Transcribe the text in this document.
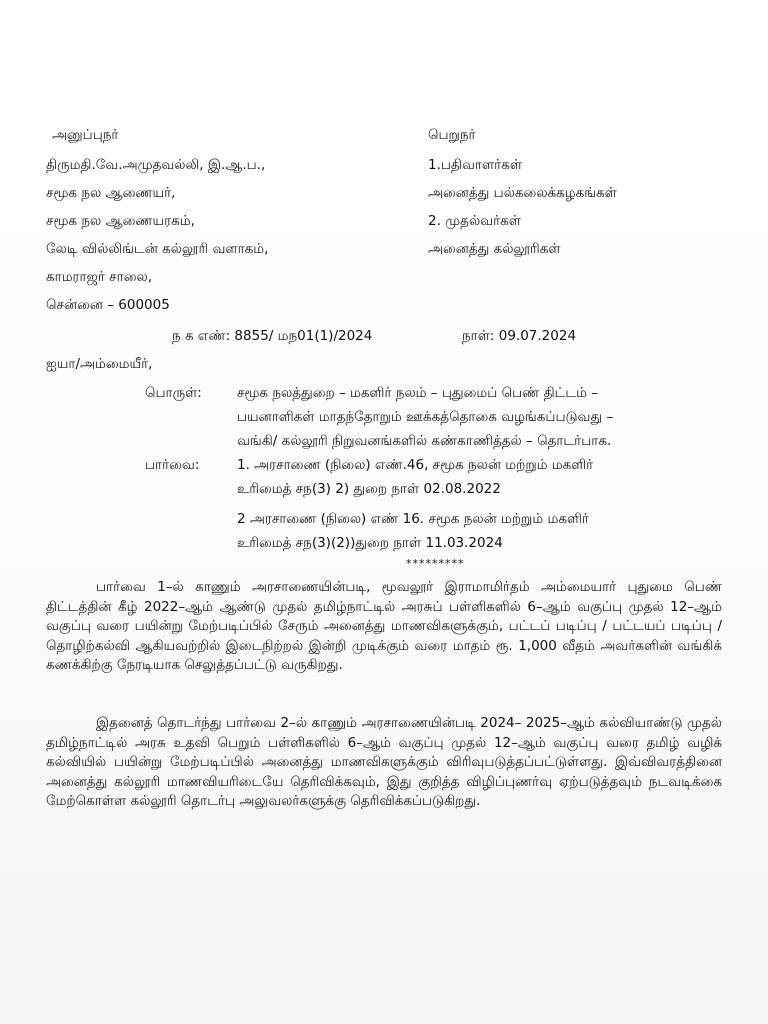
அனுப்புநர்
திருமதி.வே.அமுதவல்லி, இ.ஆ.ப.,
சமூக நல ஆணையர்,
சமூக நல ஆணையரகம்,
லேடி வில்லிங்டன் கல்லூரி வளாகம்,
காமராஜர் சாலை,
சென்னை – 600005
பெறுநர்
1.பதிவாளர்கள்
அனைத்து பல்கலைக்கழகங்கள்
2. முதல்வர்கள்
அனைத்து கல்லூரிகள்
ந க எண்: 8855/ மந01(1)/2024	நாள்: 09.07.2024
ஐயா/அம்மையீர்,
பொருள்:	சமூக நலத்துறை – மகளிர் நலம் – புதுமைப் பெண் திட்டம் –
பயனாளிகள் மாதந்தோறும் ஊக்கத்தொகை வழங்கப்படுவது –
வங்கி/ கல்லூரி நிறுவனங்களில் கண்காணித்தல் – தொடர்பாக.
பார்வை:	1. அரசாணை (நிலை) எண்.46, சமூக நலன் மற்றும் மகளிர்
உரிமைத் சந(3) 2) துறை நாள் 02.08.2022
2 அரசாணை (நிலை) எண் 16. சமூக நலன் மற்றும் மகளிர்
உரிமைத் சந(3)(2))துறை நாள் 11.03.2024
*********
பார்வை 1–ல் காணும் அரசாணையின்படி, மூவலூர் இராமாமிர்தம் அம்மையார் புதுமை பெண் திட்டத்தின் கீழ் 2022–ஆம் ஆண்டு முதல் தமிழ்நாட்டில் அரசுப் பள்ளிகளில் 6–ஆம் வகுப்பு முதல் 12–ஆம் வகுப்பு வரை பயின்று மேற்படிப்பில் சேரும் அனைத்து மாணவிகளுக்கும், பட்டப் படிப்பு / பட்டயப் படிப்பு / தொழிற்கல்வி ஆகியவற்றில் இடைநிற்றல் இன்றி முடிக்கும் வரை மாதம் ரூ. 1,000 வீதம் அவர்களின் வங்கிக் கணக்கிற்கு நேரடியாக செலுத்தப்பட்டு வருகிறது.
இதனைத் தொடர்ந்து பார்வை 2–ல் காணும் அரசாணையின்படி 2024– 2025–ஆம் கல்வியாண்டு முதல் தமிழ்நாட்டில் அரசு உதவி பெறும் பள்ளிகளில் 6–ஆம் வகுப்பு முதல் 12–ஆம் வகுப்பு வரை தமிழ் வழிக் கல்வியில் பயின்று மேற்படிப்பில் அனைத்து மாணவிகளுக்கும் விரிவுபடுத்தப்பட்டுள்ளது. இவ்விவரத்தினை அனைத்து கல்லூரி மாணவியரிடையே தெரிவிக்கவும், இது குறித்த விழிப்புணர்வு ஏற்படுத்தவும் நடவடிக்கை மேற்கொள்ள கல்லூரி தொடர்பு அலுவலர்களுக்கு தெரிவிக்கப்படுகிறது.
